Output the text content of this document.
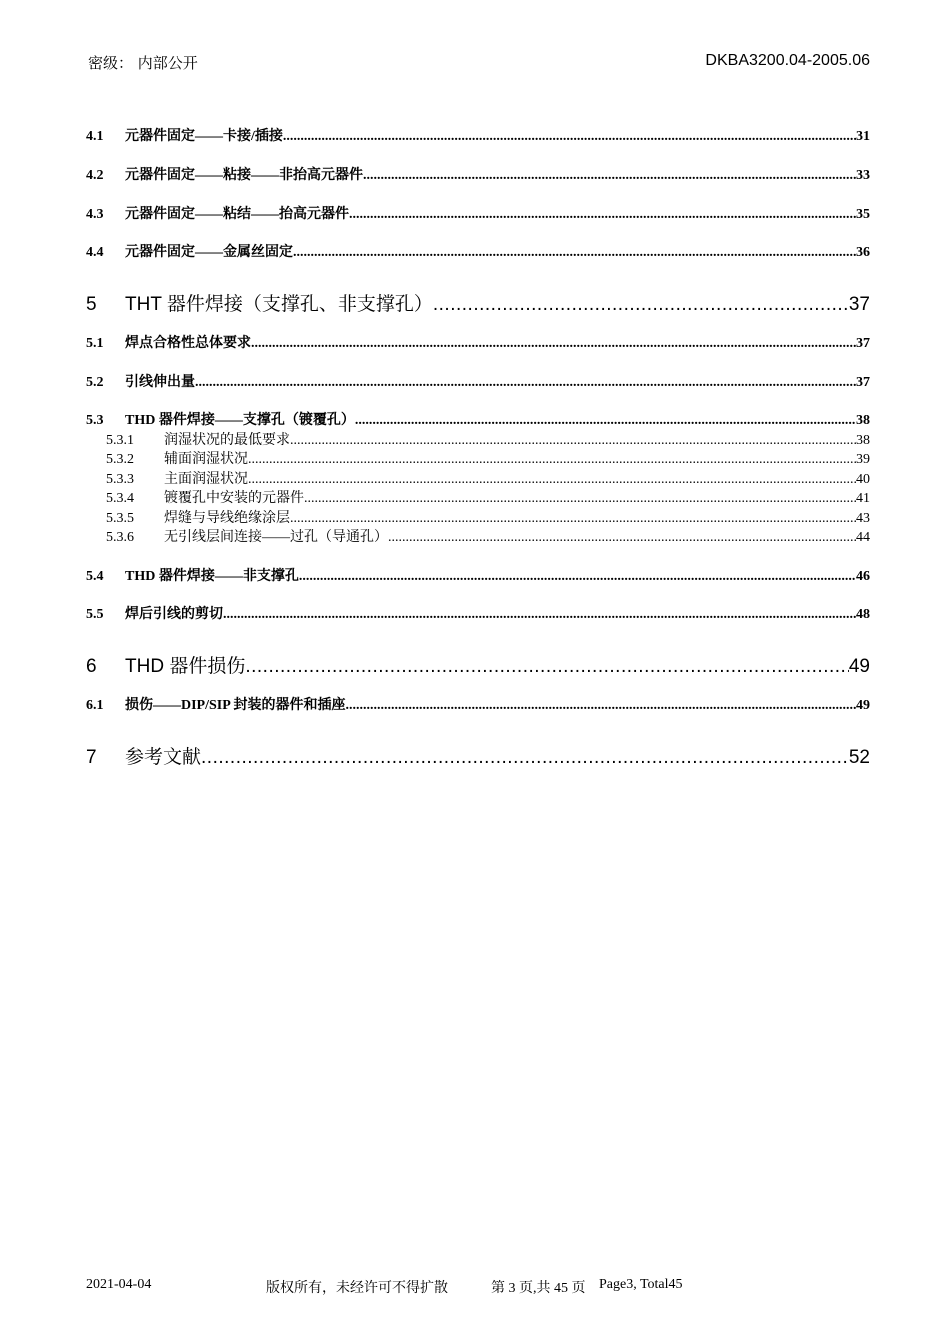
密级： 内部公开	DKBA3200.04-2005.06
4.1	元器件固定——卡接/插接 .....	31
4.2	元器件固定——粘接——非抬高元器件 .....	33
4.3	元器件固定——粘结——抬高元器件 .....	35
4.4	元器件固定——金属丝固定 .....	36
5	THT 器件焊接（支撑孔、非支撑孔） .....	37
5.1	焊点合格性总体要求 .....	37
5.2	引线伸出量 .....	37
5.3	THD 器件焊接——支撑孔（镀覆孔） .....	38
5.3.1	润湿状况的最低要求 .....	38
5.3.2	辅面润湿状况 .....	39
5.3.3	主面润湿状况 .....	40
5.3.4	镀覆孔中安装的元器件 .....	41
5.3.5	焊缝与导线绝缘涂层 .....	43
5.3.6	无引线层间连接——过孔（导通孔） .....	44
5.4	THD 器件焊接——非支撑孔 .....	46
5.5	焊后引线的剪切 .....	48
6	THD 器件损伤 .....	49
6.1	损伤——DIP/SIP 封装的器件和插座 .....	49
7	参考文献 .....	52
2021-04-04	版权所有，未经许可不得扩散	第 3 页,共 45 页 Page3, Total45
